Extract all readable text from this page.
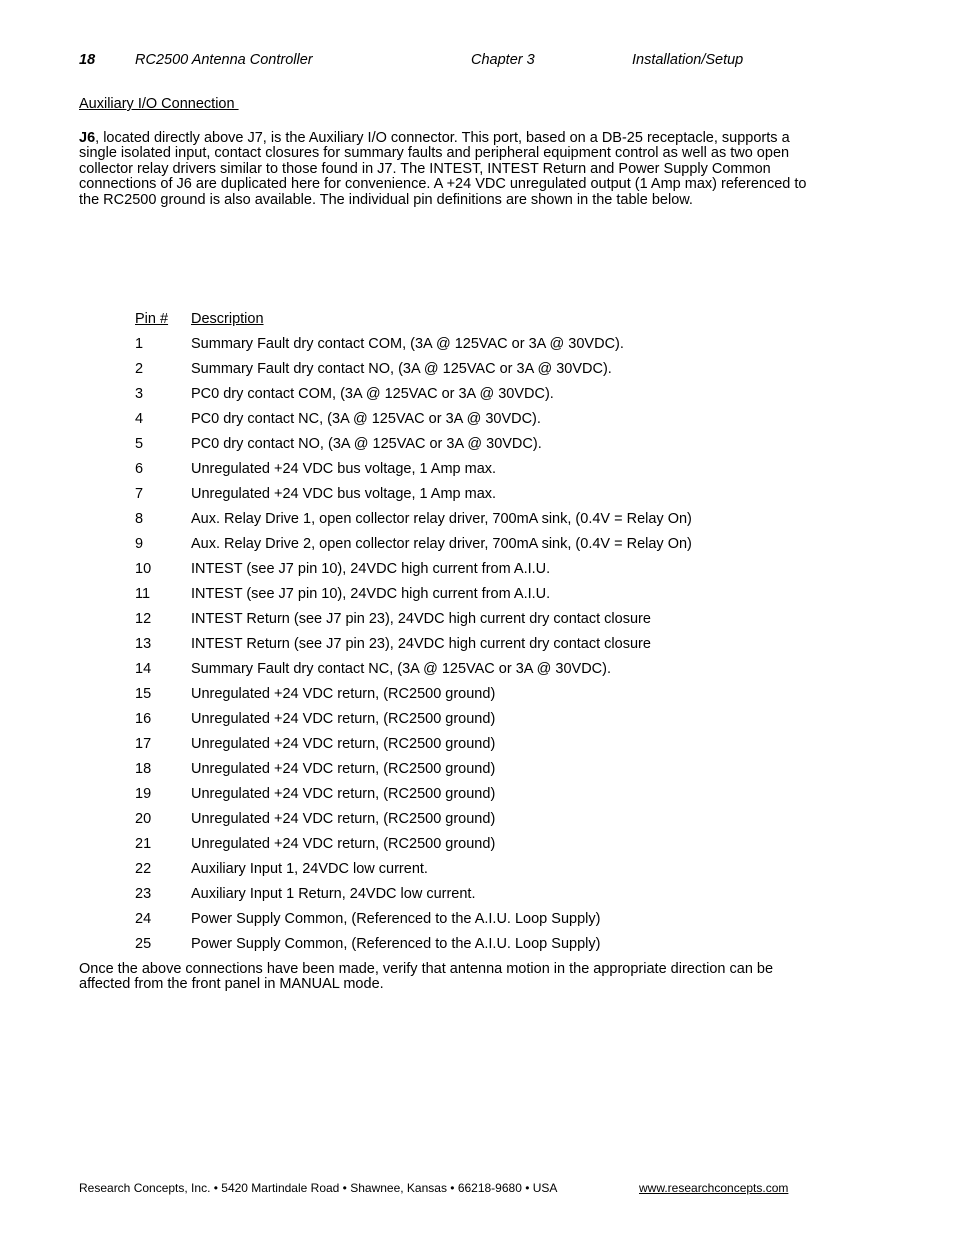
18	RC2500 Antenna Controller	Chapter 3	Installation/Setup
Auxiliary I/O Connection

J6, located directly above J7, is the Auxiliary I/O connector. This port, based on a DB-25 receptacle, supports a single isolated input, contact closures for summary faults and peripheral equipment control as well as two open collector relay drivers similar to those found in J7. The INTEST, INTEST Return and Power Supply Common connections of J6 are duplicated here for convenience. A +24 VDC unregulated output (1 Amp max) referenced to the RC2500 ground is also available. The individual pin definitions are shown in the table below.

Pin #	Description
1	Summary Fault dry contact COM, (3A @ 125VAC or 3A @ 30VDC).
2	Summary Fault dry contact NO, (3A @ 125VAC or 3A @ 30VDC).
3	PC0 dry contact COM, (3A @ 125VAC or 3A @ 30VDC).
4	PC0 dry contact NC, (3A @ 125VAC or 3A @ 30VDC).
5	PC0 dry contact NO, (3A @ 125VAC or 3A @ 30VDC).
6	Unregulated +24 VDC bus voltage, 1 Amp max.
7	Unregulated +24 VDC bus voltage, 1 Amp max.
8	Aux. Relay Drive 1, open collector relay driver, 700mA sink, (0.4V = Relay On)
9	Aux. Relay Drive 2, open collector relay driver, 700mA sink, (0.4V = Relay On)
10	INTEST (see J7 pin 10), 24VDC high current from A.I.U.
11	INTEST (see J7 pin 10), 24VDC high current from A.I.U.
12	INTEST Return (see J7 pin 23), 24VDC high current dry contact closure
13	INTEST Return (see J7 pin 23), 24VDC high current dry contact closure
14	Summary Fault dry contact NC, (3A @ 125VAC or 3A @ 30VDC).
15	Unregulated +24 VDC return, (RC2500 ground)
16	Unregulated +24 VDC return, (RC2500 ground)
17	Unregulated +24 VDC return, (RC2500 ground)
18	Unregulated +24 VDC return, (RC2500 ground)
19	Unregulated +24 VDC return, (RC2500 ground)
20	Unregulated +24 VDC return, (RC2500 ground)
21	Unregulated +24 VDC return, (RC2500 ground)
22	Auxiliary Input 1, 24VDC low current.
23	Auxiliary Input 1 Return, 24VDC low current.
24	Power Supply Common, (Referenced to the A.I.U. Loop Supply)
25	Power Supply Common, (Referenced to the A.I.U. Loop Supply)

Once the above connections have been made, verify that antenna motion in the appropriate direction can be affected from the front panel in MANUAL mode.

Research Concepts, Inc. • 5420 Martindale Road • Shawnee, Kansas • 66218-9680 • USA	www.researchconcepts.com
